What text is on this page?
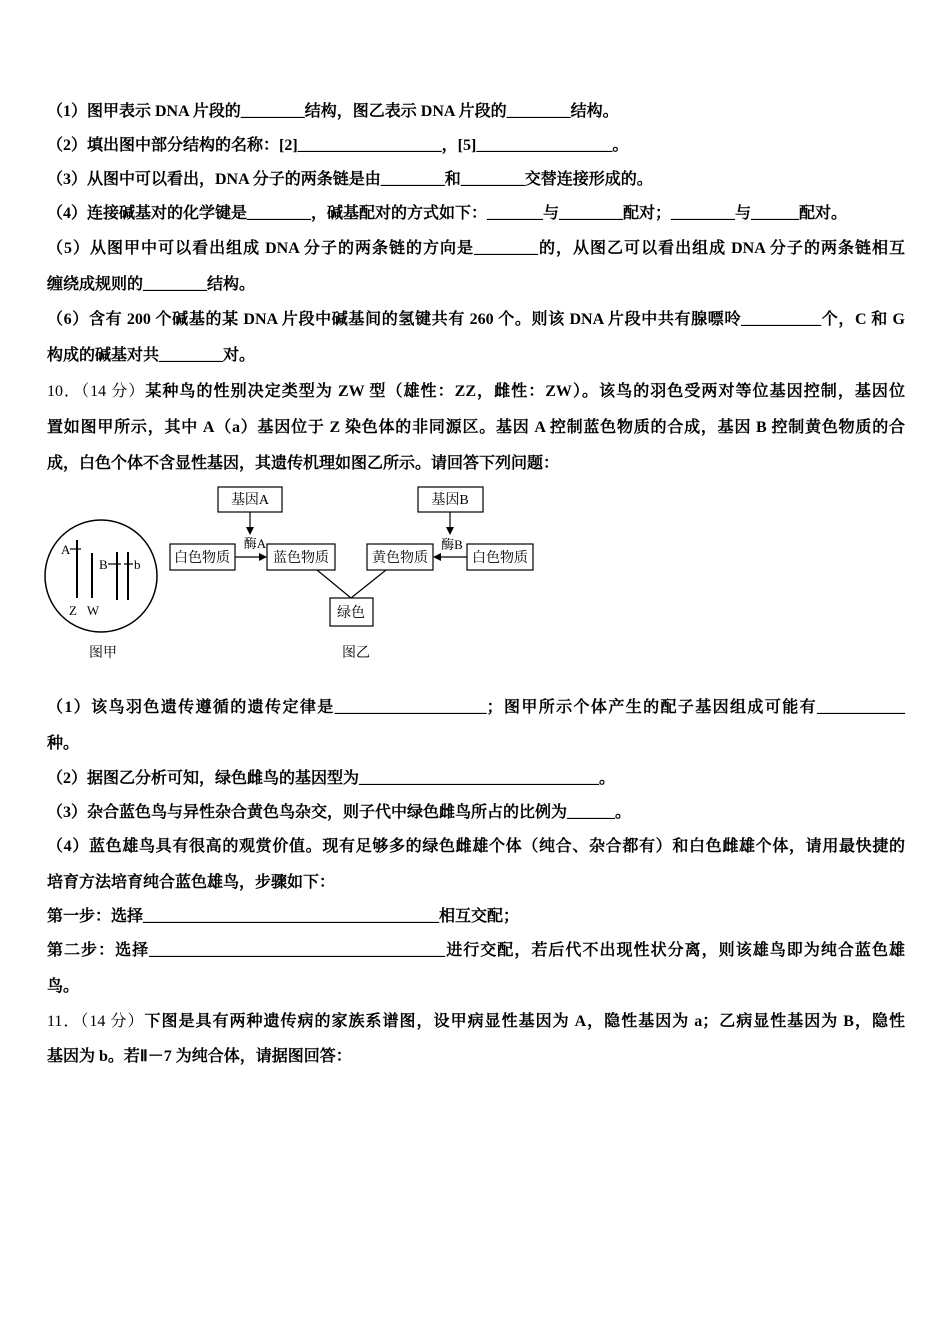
（1）图甲表示 DNA 片段的________结构，图乙表示 DNA 片段的________结构。
（2）填出图中部分结构的名称：[2]__________________，[5]_________________。
（3）从图中可以看出，DNA 分子的两条链是由________和________交替连接形成的。
（4）连接碱基对的化学键是________，碱基配对的方式如下：_______与________配对；________与______配对。
（5）从图甲中可以看出组成 DNA 分子的两条链的方向是________的，从图乙可以看出组成 DNA 分子的两条链相互
缠绕成规则的________结构。
（6）含有 200 个碱基的某 DNA 片段中碱基间的氢键共有 260 个。则该 DNA 片段中共有腺嘌呤__________个，C 和 G
构成的碱基对共________对。
10．（14 分）某种鸟的性别决定类型为 ZW 型（雄性：ZZ，雌性：ZW）。该鸟的羽色受两对等位基因控制，基因位
置如图甲所示，其中 A（a）基因位于 Z 染色体的非同源区。基因 A 控制蓝色物质的合成，基因 B 控制黄色物质的合
成，白色个体不含显性基因，其遗传机理如图乙所示。请回答下列问题：
A
B b
Z W
图甲
基因A
酶A
基因B
酶B
白色物质	蓝色物质	黄色物质	白色物质
绿色
图乙
（1）该鸟羽色遗传遵循的遗传定律是___________________；图甲所示个体产生的配子基因组成可能有___________
种。
（2）据图乙分析可知，绿色雌鸟的基因型为______________________________。
（3）杂合蓝色鸟与异性杂合黄色鸟杂交，则子代中绿色雌鸟所占的比例为______。
（4）蓝色雄鸟具有很高的观赏价值。现有足够多的绿色雌雄个体（纯合、杂合都有）和白色雌雄个体，请用最快捷的
培育方法培育纯合蓝色雄鸟，步骤如下：
第一步：选择_____________________________________相互交配；
第二步：选择_____________________________________进行交配，若后代不出现性状分离，则该雄鸟即为纯合蓝色雄
鸟。
11．（14 分）下图是具有两种遗传病的家族系谱图，设甲病显性基因为 A，隐性基因为 a；乙病显性基因为 B，隐性
基因为 b。若Ⅱ－7 为纯合体，请据图回答：
